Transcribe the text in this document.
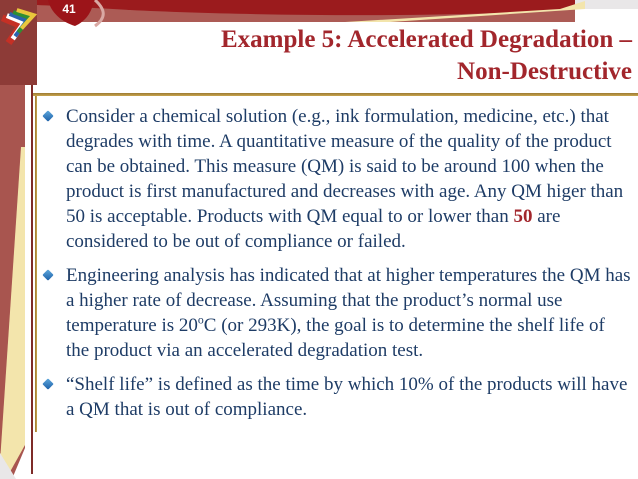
41
Example 5: Accelerated Degradation –
Non-Destructive
Consider a chemical solution (e.g., ink formulation, medicine, etc.) that degrades with time. A quantitative measure of the quality of the product can be obtained. This measure (QM) is said to be around 100 when the product is first manufactured and decreases with age. Any QM higer than 50 is acceptable. Products with QM equal to or lower than 50 are considered to be out of compliance or failed.
Engineering analysis has indicated that at higher temperatures the QM has a higher rate of decrease. Assuming that the product’s normal use temperature is 20$^o$C (or 293K), the goal is to determine the shelf life of the product via an accelerated degradation test.
“Shelf life” is defined as the time by which 10% of the products will have a QM that is out of compliance.
